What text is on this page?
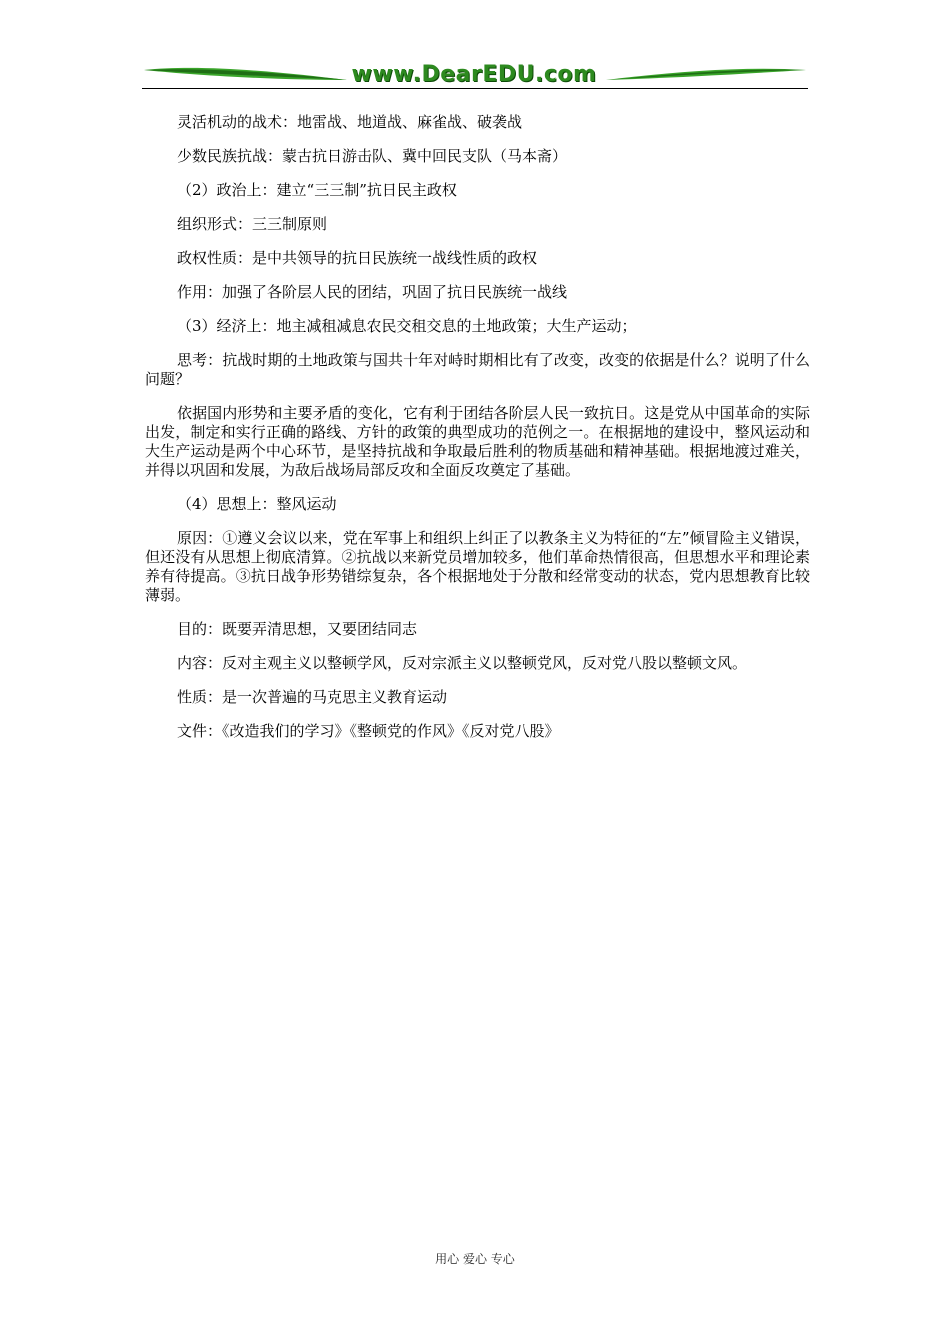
www.DearEDU.com

灵活机动的战术：地雷战、地道战、麻雀战、破袭战

少数民族抗战：蒙古抗日游击队、冀中回民支队（马本斋）

（2）政治上：建立“三三制”抗日民主政权

组织形式：三三制原则

政权性质：是中共领导的抗日民族统一战线性质的政权

作用：加强了各阶层人民的团结，巩固了抗日民族统一战线

（3）经济上：地主减租减息农民交租交息的土地政策；大生产运动；

思考：抗战时期的土地政策与国共十年对峙时期相比有了改变，改变的依据是什么？说明了什么问题？

依据国内形势和主要矛盾的变化，它有利于团结各阶层人民一致抗日。这是党从中国革命的实际出发，制定和实行正确的路线、方针的政策的典型成功的范例之一。在根据地的建设中，整风运动和大生产运动是两个中心环节，是坚持抗战和争取最后胜利的物质基础和精神基础。根据地渡过难关，并得以巩固和发展，为敌后战场局部反攻和全面反攻奠定了基础。

（4）思想上：整风运动

原因：①遵义会议以来，党在军事上和组织上纠正了以教条主义为特征的“左”倾冒险主义错误，但还没有从思想上彻底清算。②抗战以来新党员增加较多，他们革命热情很高，但思想水平和理论素养有待提高。③抗日战争形势错综复杂，各个根据地处于分散和经常变动的状态，党内思想教育比较薄弱。

目的：既要弄清思想，又要团结同志

内容：反对主观主义以整顿学风，反对宗派主义以整顿党风，反对党八股以整顿文风。

性质：是一次普遍的马克思主义教育运动

文件：《改造我们的学习》《整顿党的作风》《反对党八股》

用心 爱心 专心
